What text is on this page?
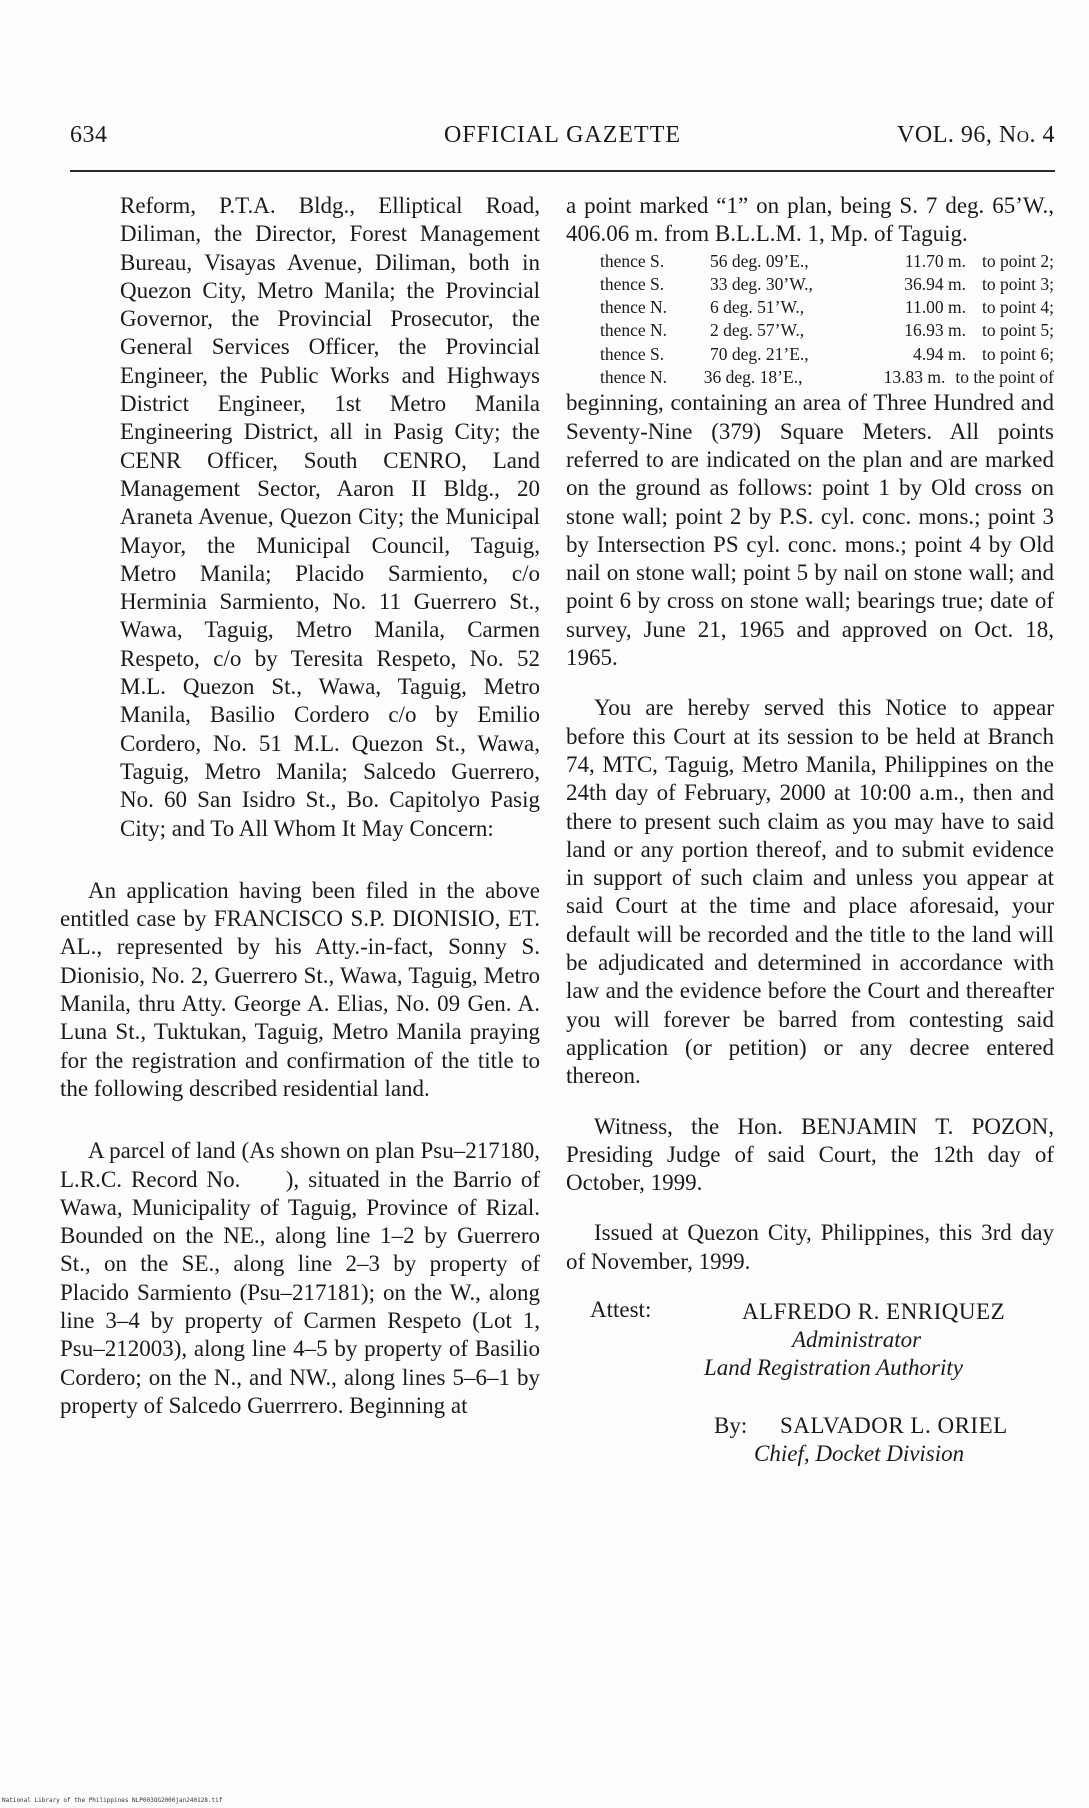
634	OFFICIAL GAZETTE	VOL. 96, No. 4

Reform, P.T.A. Bldg., Elliptical Road, Diliman, the Director, Forest Management Bureau, Visayas Avenue, Diliman, both in Quezon City, Metro Manila; the Provincial Governor, the Provincial Prosecutor, the General Services Officer, the Provincial Engineer, the Public Works and Highways District Engineer, 1st Metro Manila Engineering District, all in Pasig City; the CENR Officer, South CENRO, Land Management Sector, Aaron II Bldg., 20 Araneta Avenue, Quezon City; the Municipal Mayor, the Municipal Council, Taguig, Metro Manila; Placido Sarmiento, c/o Herminia Sarmiento, No. 11 Guerrero St., Wawa, Taguig, Metro Manila, Carmen Respeto, c/o by Teresita Respeto, No. 52 M.L. Quezon St., Wawa, Taguig, Metro Manila, Basilio Cordero c/o by Emilio Cordero, No. 51 M.L. Quezon St., Wawa, Taguig, Metro Manila; Salcedo Guerrero, No. 60 San Isidro St., Bo. Capitolyo Pasig City; and To All Whom It May Concern:

An application having been filed in the above entitled case by FRANCISCO S.P. DIONISIO, ET. AL., represented by his Atty.-in-fact, Sonny S. Dionisio, No. 2, Guerrero St., Wawa, Taguig, Metro Manila, thru Atty. George A. Elias, No. 09 Gen. A. Luna St., Tuktukan, Taguig, Metro Manila praying for the registration and confirmation of the title to the following described residential land.

A parcel of land (As shown on plan Psu–217180, L.R.C. Record No.     ), situated in the Barrio of Wawa, Municipality of Taguig, Province of Rizal. Bounded on the NE., along line 1–2 by Guerrero St., on the SE., along line 2–3 by property of Placido Sarmiento (Psu–217181); on the W., along line 3–4 by property of Carmen Respeto (Lot 1, Psu–212003), along line 4–5 by property of Basilio Cordero; on the N., and NW., along lines 5–6–1 by property of Salcedo Guerrrero. Beginning at

a point marked “1” on plan, being S. 7 deg. 65’W., 406.06 m. from B.L.L.M. 1, Mp. of Taguig.

thence S.	56 deg. 09’E.,	11.70 m. to point 2;
thence S.	33 deg. 30’W.,	36.94 m. to point 3;
thence N.	6 deg. 51’W.,	11.00 m. to point 4;
thence N.	2 deg. 57’W.,	16.93 m. to point 5;
thence S.	70 deg. 21’E.,	4.94 m. to point 6;
thence N.	36 deg. 18’E.,	13.83 m. to the point of

beginning, containing an area of Three Hundred and Seventy-Nine (379) Square Meters. All points referred to are indicated on the plan and are marked on the ground as follows: point 1 by Old cross on stone wall; point 2 by P.S. cyl. conc. mons.; point 3 by Intersection PS cyl. conc. mons.; point 4 by Old nail on stone wall; point 5 by nail on stone wall; and point 6 by cross on stone wall; bearings true; date of survey, June 21, 1965 and approved on Oct. 18, 1965.

You are hereby served this Notice to appear before this Court at its session to be held at Branch 74, MTC, Taguig, Metro Manila, Philippines on the 24th day of February, 2000 at 10:00 a.m., then and there to present such claim as you may have to said land or any portion thereof, and to submit evidence in support of such claim and unless you appear at said Court at the time and place aforesaid, your default will be recorded and the title to the land will be adjudicated and determined in accordance with law and the evidence before the Court and thereafter you will forever be barred from contesting said application (or petition) or any decree entered thereon.

Witness, the Hon. BENJAMIN T. POZON, Presiding Judge of said Court, the 12th day of October, 1999.

Issued at Quezon City, Philippines, this 3rd day of November, 1999.

Attest:	ALFREDO R. ENRIQUEZ
Administrator
Land Registration Authority
By: SALVADOR L. ORIEL
Chief, Docket Division
National Library of the Philippines NLP003OG2000jan240128.tif
